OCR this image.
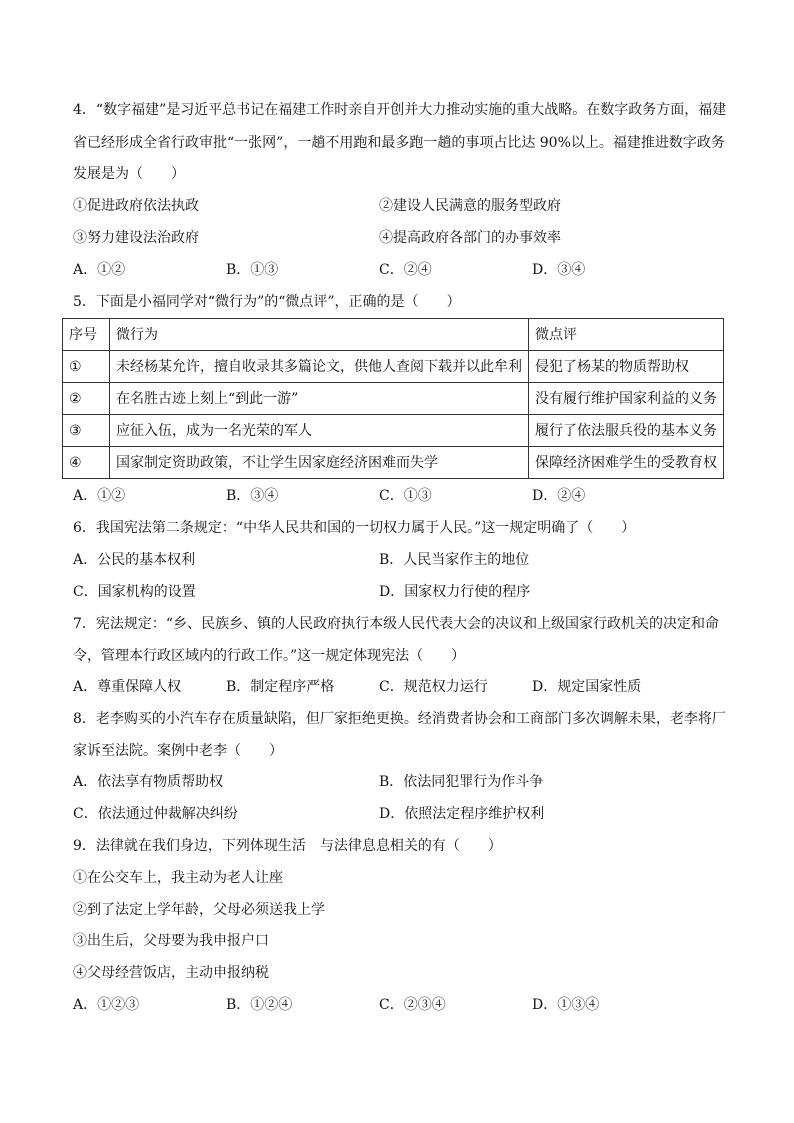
4．“数字福建”是习近平总书记在福建工作时亲自开创并大力推动实施的重大战略。在数字政务方面，福建
省已经形成全省行政审批“一张网”，一趟不用跑和最多跑一趟的事项占比达 90%以上。福建推进数字政务
发展是为（　　）
①促进政府依法执政	②建设人民满意的服务型政府
③努力建设法治政府	④提高政府各部门的办事效率
A．①②	B．①③	C．②④	D．③④
5．下面是小福同学对“微行为”的“微点评”，正确的是（　　）
序号	微行为	微点评
①	未经杨某允许，擅自收录其多篇论文，供他人查阅下载并以此牟利	侵犯了杨某的物质帮助权
②	在名胜古迹上刻上“到此一游”	没有履行维护国家利益的义务
③	应征入伍，成为一名光荣的军人	履行了依法服兵役的基本义务
④	国家制定资助政策，不让学生因家庭经济困难而失学	保障经济困难学生的受教育权
A．①②	B．③④	C．①③	D．②④
6．我国宪法第二条规定：“中华人民共和国的一切权力属于人民。”这一规定明确了（　　）
A．公民的基本权利	B．人民当家作主的地位
C．国家机构的设置	D．国家权力行使的程序
7．宪法规定：“乡、民族乡、镇的人民政府执行本级人民代表大会的决议和上级国家行政机关的决定和命
令，管理本行政区域内的行政工作。”这一规定体现宪法（　　）
A．尊重保障人权	B．制定程序严格	C．规范权力运行	D．规定国家性质
8．老李购买的小汽车存在质量缺陷，但厂家拒绝更换。经消费者协会和工商部门多次调解未果，老李将厂
家诉至法院。案例中老李（　　）
A．依法享有物质帮助权	B．依法同犯罪行为作斗争
C．依法通过仲裁解决纠纷	D．依照法定程序维护权利
9．法律就在我们身边，下列体现生活　与法律息息相关的有（　　）
①在公交车上，我主动为老人让座
②到了法定上学年龄，父母必须送我上学
③出生后，父母要为我申报户口
④父母经营饭店，主动申报纳税
A．①②③	B．①②④	C．②③④	D．①③④
